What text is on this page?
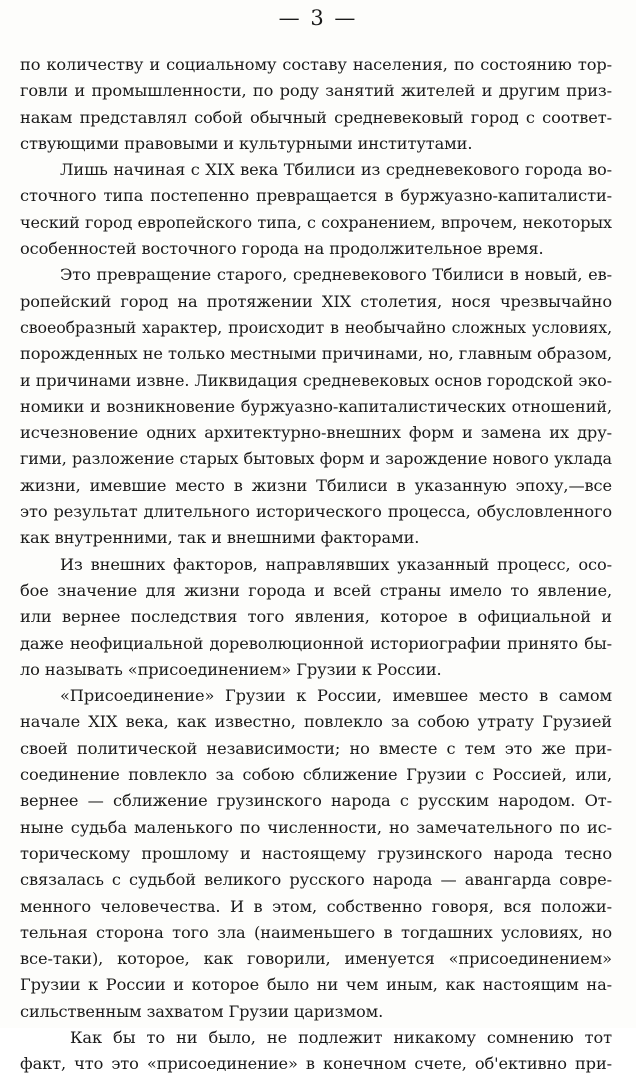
— 3 —
по количеству и социальному составу населения, по состоянию тор-
говли и промышленности, по роду занятий жителей и другим приз-
накам представлял собой обычный средневековый город с соответ-
ствующими правовыми и культурными институтами.
Лишь начиная с XIX века Тбилиси из средневекового города во-
сточного типа постепенно превращается в буржуазно-капиталисти-
ческий город европейского типа, с сохранением, впрочем, некоторых
особенностей восточного города на продолжительное время.
Это превращение старого, средневекового Тбилиси в новый, ев-
ропейский город на протяжении XIX столетия, нося чрезвычайно
своеобразный характер, происходит в необычайно сложных условиях,
порожденных не только местными причинами, но, главным образом,
и причинами извне. Ликвидация средневековых основ городской эко-
номики и возникновение буржуазно-капиталистических отношений,
исчезновение одних архитектурно-внешних форм и замена их дру-
гими, разложение старых бытовых форм и зарождение нового уклада
жизни, имевшие место в жизни Тбилиси в указанную эпоху,—все
это результат длительного исторического процесса, обусловленного
как внутренними, так и внешними факторами.
Из внешних факторов, направлявших указанный процесс, осо-
бое значение для жизни города и всей страны имело то явление,
или вернее последствия того явления, которое в официальной и
даже неофициальной дореволюционной историографии принято бы-
ло называть «присоединением» Грузии к России.
«Присоединение» Грузии к России, имевшее место в самом
начале XIX века, как известно, повлекло за собою утрату Грузией
своей политической независимости; но вместе с тем это же при-
соединение повлекло за собою сближение Грузии с Россией, или,
вернее — сближение грузинского народа с русским народом. От-
ныне судьба маленького по численности, но замечательного по ис-
торическому прошлому и настоящему грузинского народа тесно
связалась с судьбой великого русского народа — авангарда совре-
менного человечества. И в этом, собственно говоря, вся положи-
тельная сторона того зла (наименьшего в тогдашних условиях, но
все-таки), которое, как говорили, именуется «присоединением»
Грузии к России и которое было ни чем иным, как настоящим на-
сильственным захватом Грузии царизмом.
Как бы то ни было, не подлежит никакому сомнению тот
факт, что это «присоединение» в конечном счете, об'ективно при-
